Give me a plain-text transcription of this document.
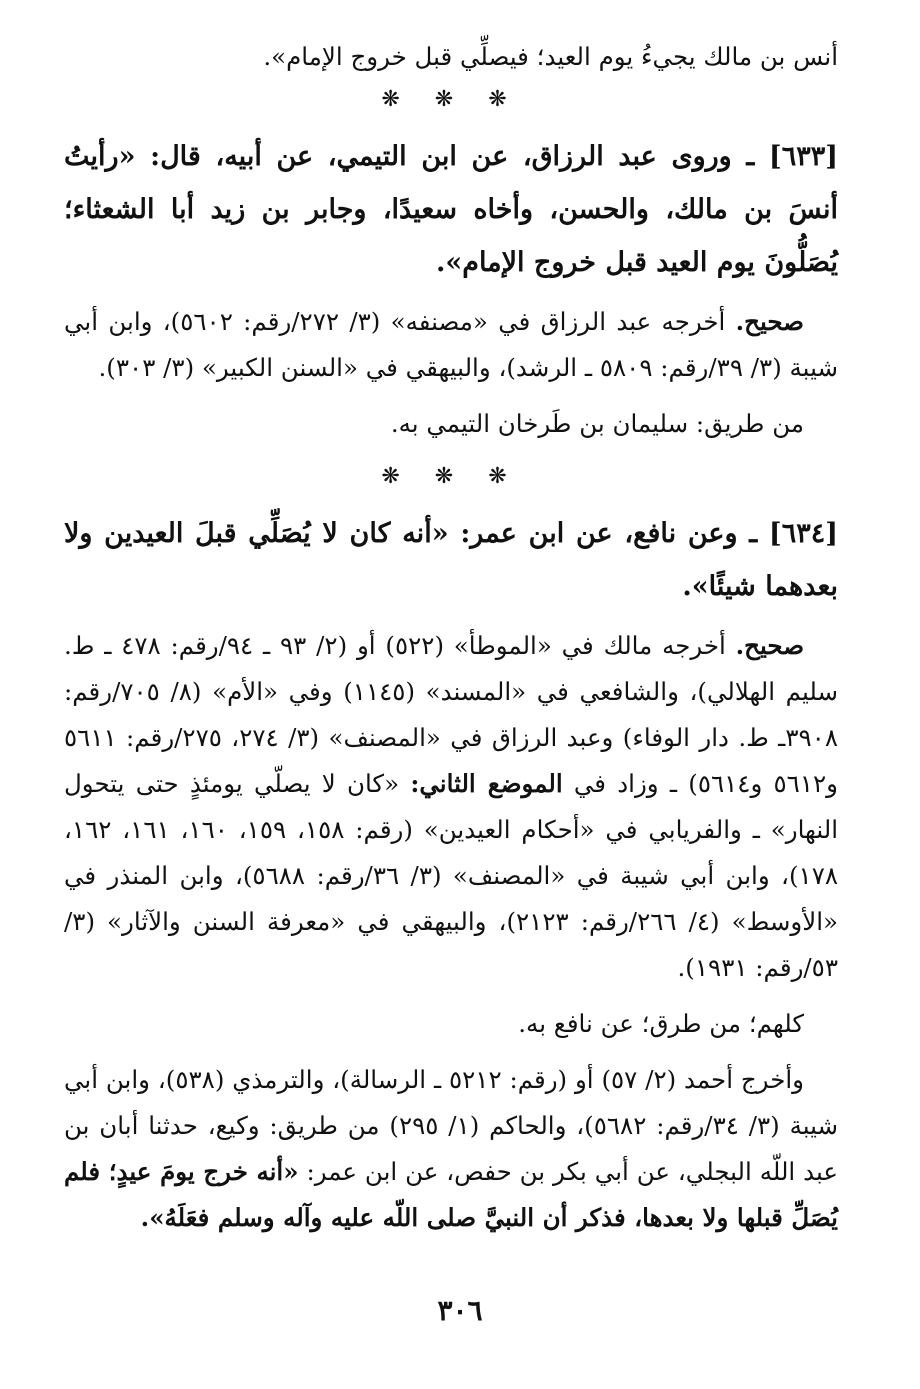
أنس بن مالك يجيءُ يوم العيد؛ فيصلِّي قبل خروج الإمام».

❋ ❋ ❋

[٦٣٣] ـ وروى عبد الرزاق، عن ابن التيمي، عن أبيه، قال: «رأيتُ أنسَ بن مالك، والحسن، وأخاه سعيدًا، وجابر بن زيد أبا الشعثاء؛ يُصَلُّونَ يوم العيد قبل خروج الإمام».

صحيح. أخرجه عبد الرزاق في «مصنفه» (٣/ ٢٧٢/رقم: ٥٦٠٢)، وابن أبي شيبة (٣/ ٣٩/رقم: ٥٨٠٩ ـ الرشد)، والبيهقي في «السنن الكبير» (٣/ ٣٠٣).

من طريق: سليمان بن طَرخان التيمي به.

❋ ❋ ❋

[٦٣٤] ـ وعن نافع، عن ابن عمر: «أنه كان لا يُصَلِّي قبلَ العيدين ولا بعدهما شيئًا».

صحيح. أخرجه مالك في «الموطأ» (٥٢٢) أو (٢/ ٩٣ ـ ٩٤/رقم: ٤٧٨ ـ ط. سليم الهلالي)، والشافعي في «المسند» (١١٤٥) وفي «الأم» (٨/ ٧٠٥/رقم: ٣٩٠٨ـ ط. دار الوفاء) وعبد الرزاق في «المصنف» (٣/ ٢٧٤، ٢٧٥/رقم: ٥٦١١ و٥٦١٢ و٥٦١٤) ـ وزاد في الموضع الثاني: «كان لا يصلّي يومئذٍ حتى يتحول النهار» ـ والفريابي في «أحكام العيدين» (رقم: ١٥٨، ١٥٩، ١٦٠، ١٦١، ١٦٢، ١٧٨)، وابن أبي شيبة في «المصنف» (٣/ ٣٦/رقم: ٥٦٨٨)، وابن المنذر في «الأوسط» (٤/ ٢٦٦/رقم: ٢١٢٣)، والبيهقي في «معرفة السنن والآثار» (٣/ ٥٣/رقم: ١٩٣١).

كلهم؛ من طرق؛ عن نافع به.

وأخرج أحمد (٢/ ٥٧) أو (رقم: ٥٢١٢ ـ الرسالة)، والترمذي (٥٣٨)، وابن أبي شيبة (٣/ ٣٤/رقم: ٥٦٨٢)، والحاكم (١/ ٢٩٥) من طريق: وكيع، حدثنا أبان بن عبد اللّه البجلي، عن أبي بكر بن حفص، عن ابن عمر: «أنه خرج يومَ عيدٍ؛ فلم يُصَلِّ قبلها ولا بعدها، فذكر أن النبيَّ صلى اللّه عليه وآله وسلم فعَلَهُ».

٣٠٦
